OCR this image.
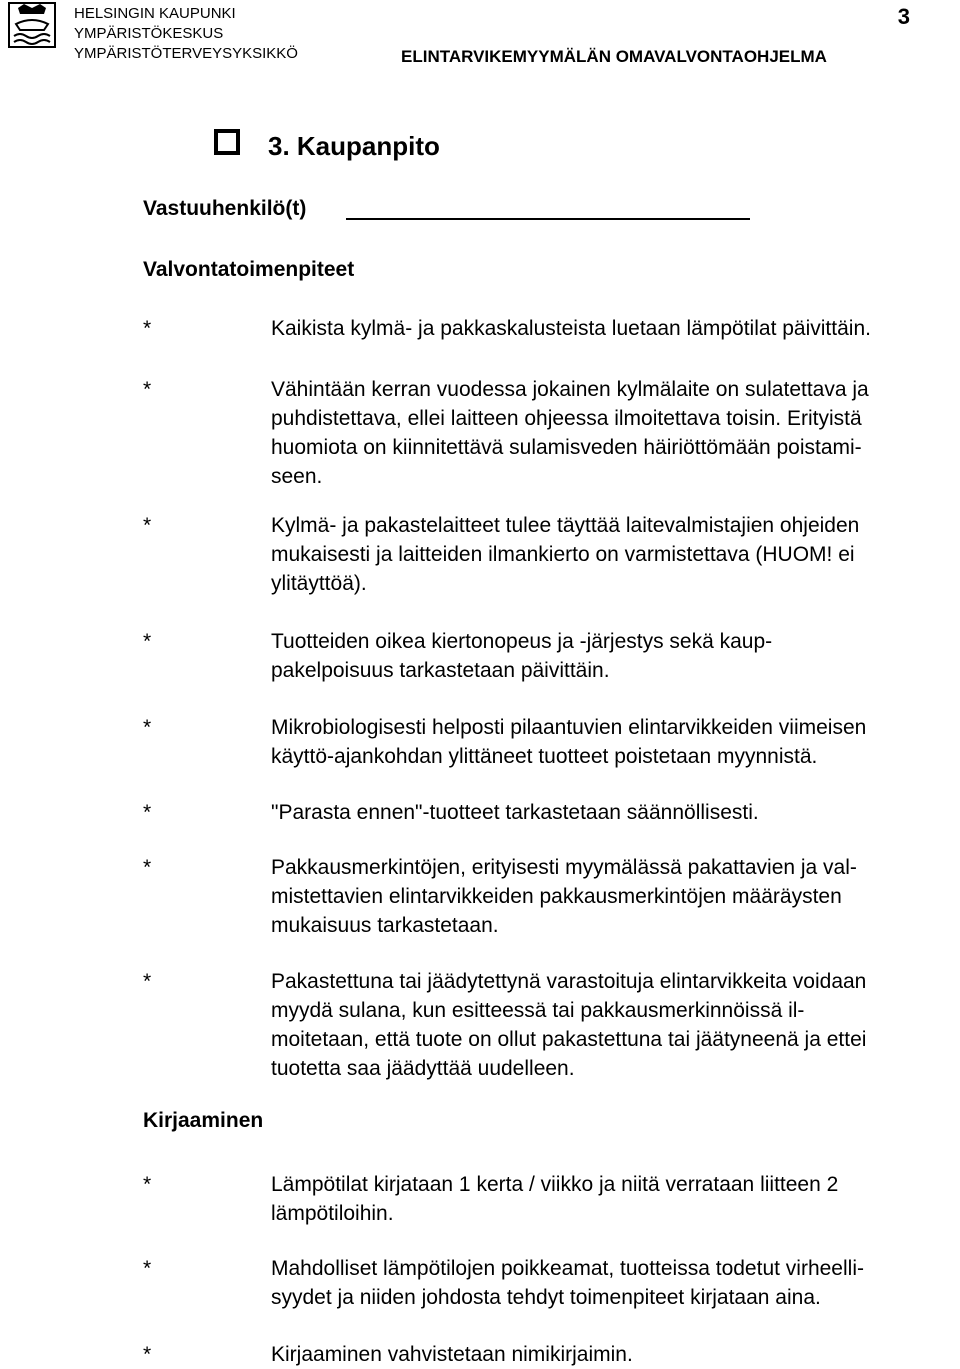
HELSINGIN KAUPUNKI
YMPÄRISTÖKESKUS
YMPÄRISTÖTERVEYSYKSIKKÖ
3
ELINTARVIKEMYYMÄLÄN OMAVALVONTAOHJELMA
3. Kaupanpito
Vastuuhenkilö(t)
Valvontatoimenpiteet
*	Kaikista kylmä- ja pakkaskalusteista luetaan lämpötilat päivittäin.
*	Vähintään kerran vuodessa jokainen kylmälaite on sulatettava ja
puhdistettava, ellei laitteen ohjeessa ilmoitettava toisin. Erityistä
huomiota on kiinnitettävä sulamisveden häiriöttömään poistami-
seen.
*	Kylmä- ja pakastelaitteet tulee täyttää laitevalmistajien ohjeiden
mukaisesti ja laitteiden ilmankierto on varmistettava (HUOM! ei
ylitäyttöä).
*	Tuotteiden oikea kiertonopeus ja -järjestys sekä kaup-
pakelpoisuus tarkastetaan päivittäin.
*	Mikrobiologisesti helposti pilaantuvien elintarvikkeiden viimeisen
käyttö-ajankohdan ylittäneet tuotteet poistetaan myynnistä.
*	"Parasta ennen"-tuotteet tarkastetaan säännöllisesti.
*	Pakkausmerkintöjen, erityisesti myymälässä pakattavien ja val-
mistettavien elintarvikkeiden pakkausmerkintöjen määräysten
mukaisuus tarkastetaan.
*	Pakastettuna tai jäädytettynä varastoituja elintarvikkeita voidaan
myydä sulana, kun esitteessä tai pakkausmerkinnöissä il-
moitetaan, että tuote on ollut pakastettuna tai jäätyneenä ja ettei
tuotetta saa jäädyttää uudelleen.
Kirjaaminen
*	Lämpötilat kirjataan 1 kerta / viikko ja niitä verrataan liitteen 2
lämpötiloihin.
*	Mahdolliset lämpötilojen poikkeamat, tuotteissa todetut virheelli-
syydet ja niiden johdosta tehdyt toimenpiteet kirjataan aina.
*	Kirjaaminen vahvistetaan nimikirjaimin.
